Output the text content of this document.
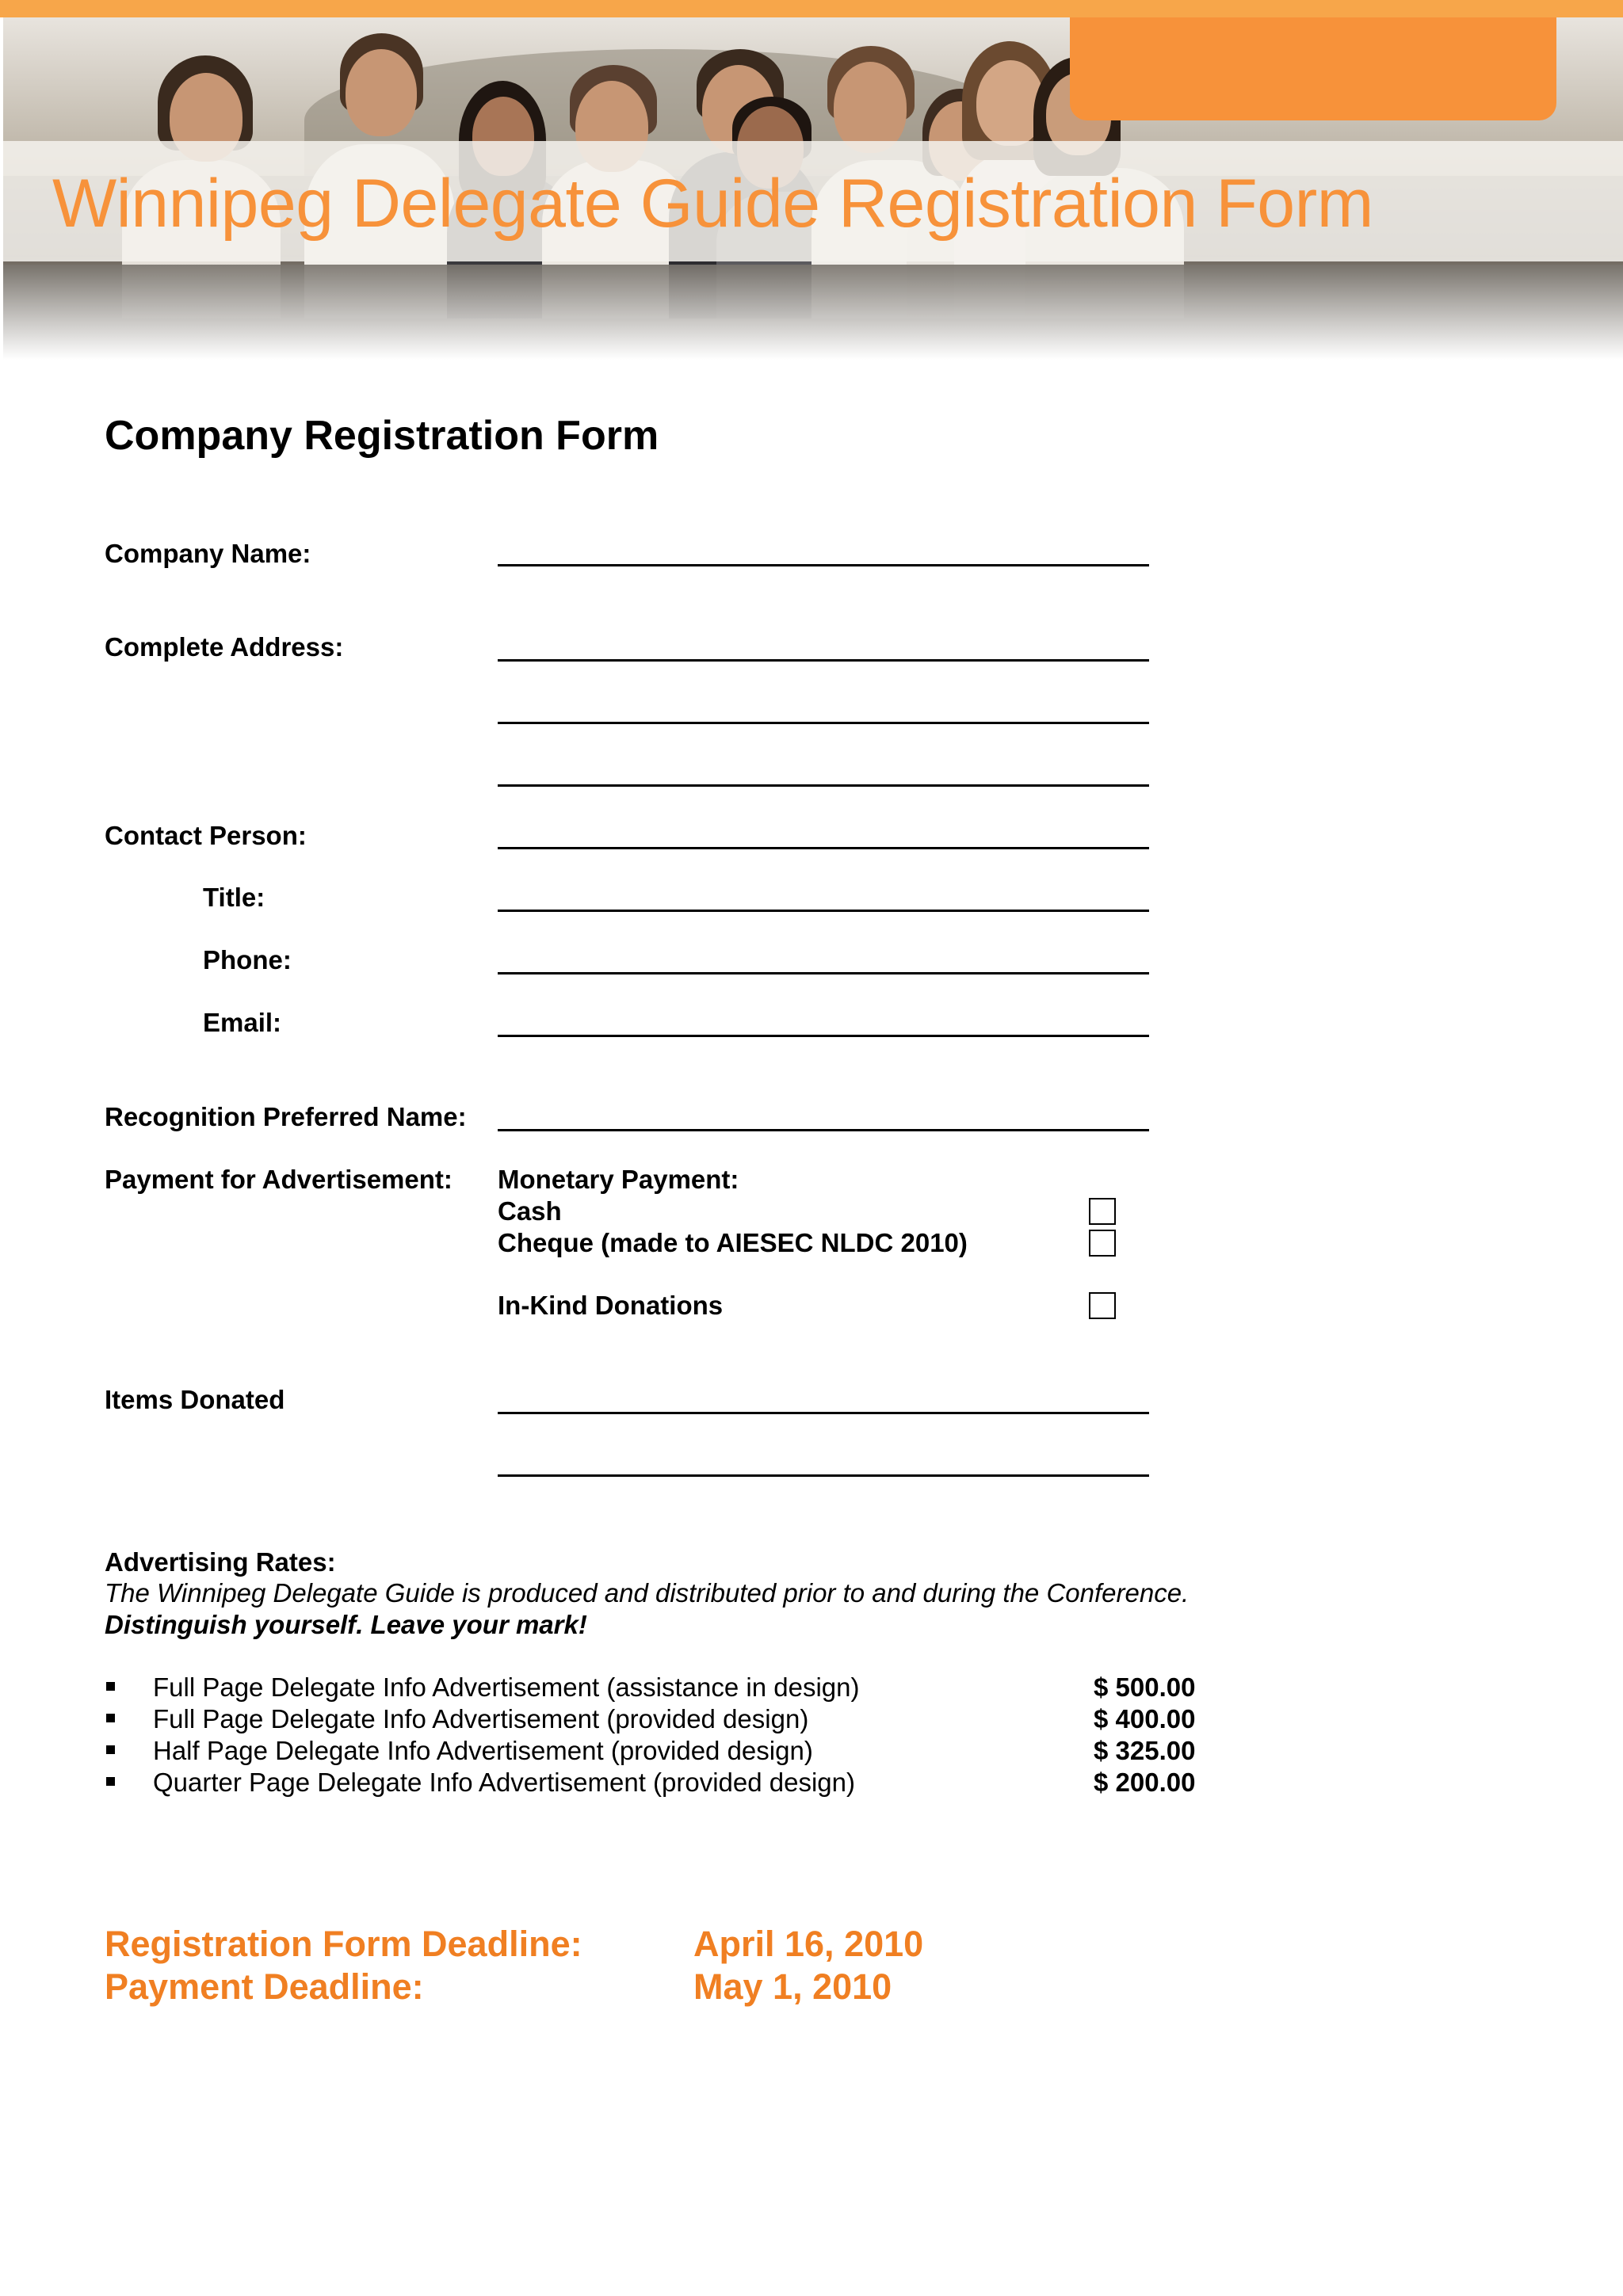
Winnipeg Delegate Guide Registration Form
Company Registration Form
Company Name:
Complete Address:
Contact Person:
Title:
Phone:
Email:
Recognition Preferred Name:
Payment for Advertisement: Monetary Payment:
Cash
Cheque (made to AIESEC NLDC 2010)
In-Kind Donations
Items Donated
Advertising Rates:
The Winnipeg Delegate Guide is produced and distributed prior to and during the Conference.
Distinguish yourself. Leave your mark!
Full Page Delegate Info Advertisement (assistance in design)	$ 500.00
Full Page Delegate Info Advertisement (provided design)	$ 400.00
Half Page Delegate Info Advertisement (provided design)	$ 325.00
Quarter Page Delegate Info Advertisement (provided design)	$ 200.00
Registration Form Deadline:	April 16, 2010
Payment Deadline:	May 1, 2010
